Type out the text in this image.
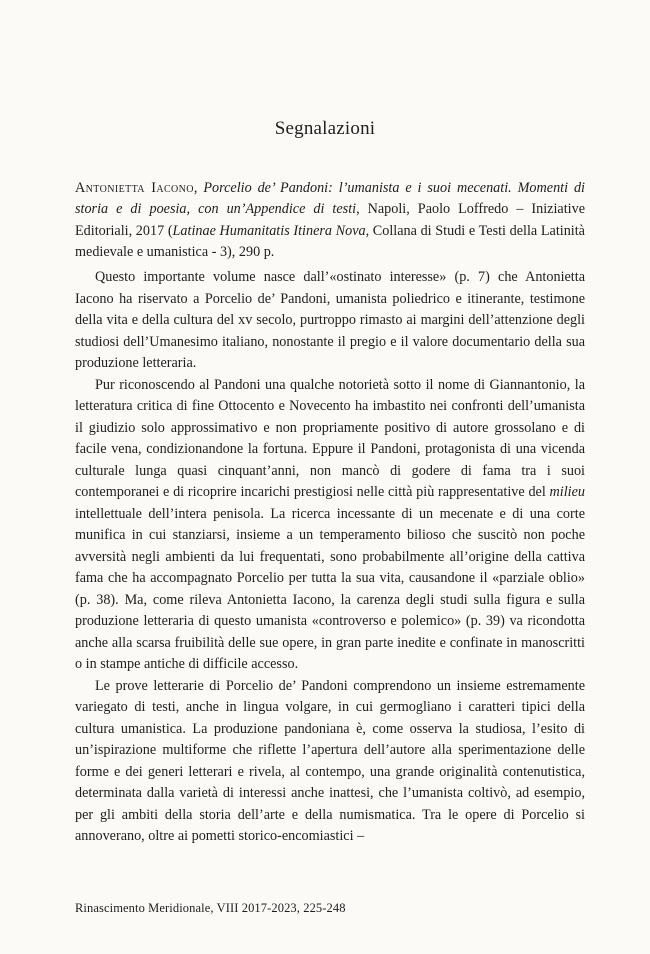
Segnalazioni
Antonietta Iacono, Porcelio de’ Pandoni: l’umanista e i suoi mecenati. Momenti di storia e di poesia, con un’Appendice di testi, Napoli, Paolo Loffredo – Iniziative Editoriali, 2017 (Latinae Humanitatis Itinera Nova, Collana di Studi e Testi della Latinità medievale e umanistica - 3), 290 p.

Questo importante volume nasce dall’«ostinato interesse» (p. 7) che Antonietta Iacono ha riservato a Porcelio de’ Pandoni, umanista poliedrico e itinerante, testimone della vita e della cultura del xv secolo, purtroppo rimasto ai margini dell’attenzione degli studiosi dell’Umanesimo italiano, nonostante il pregio e il valore documentario della sua produzione letteraria.

Pur riconoscendo al Pandoni una qualche notorietà sotto il nome di Giannantonio, la letteratura critica di fine Ottocento e Novecento ha imbastito nei confronti dell’umanista il giudizio solo approssimativo e non propriamente positivo di autore grossolano e di facile vena, condizionandone la fortuna. Eppure il Pandoni, protagonista di una vicenda culturale lunga quasi cinquant’anni, non mancò di godere di fama tra i suoi contemporanei e di ricoprire incarichi prestigiosi nelle città più rappresentative del milieu intellettuale dell’intera penisola. La ricerca incessante di un mecenate e di una corte munifica in cui stanziarsi, insieme a un temperamento bilioso che suscitò non poche avversità negli ambienti da lui frequentati, sono probabilmente all’origine della cattiva fama che ha accompagnato Porcelio per tutta la sua vita, causandone il «parziale oblio» (p. 38). Ma, come rileva Antonietta Iacono, la carenza degli studi sulla figura e sulla produzione letteraria di questo umanista «controverso e polemico» (p. 39) va ricondotta anche alla scarsa fruibilità delle sue opere, in gran parte inedite e confinate in manoscritti o in stampe antiche di difficile accesso.

Le prove letterarie di Porcelio de’ Pandoni comprendono un insieme estremamente variegato di testi, anche in lingua volgare, in cui germogliano i caratteri tipici della cultura umanistica. La produzione pandoniana è, come osserva la studiosa, l’esito di un’ispirazione multiforme che riflette l’apertura dell’autore alla sperimentazione delle forme e dei generi letterari e rivela, al contempo, una grande originalità contenutistica, determinata dalla varietà di interessi anche inattesi, che l’umanista coltivò, ad esempio, per gli ambiti della storia dell’arte e della numismatica. Tra le opere di Porcelio si annoverano, oltre ai pometti storico-encomiastici –

Rinascimento Meridionale, VIII 2017-2023, 225-248
